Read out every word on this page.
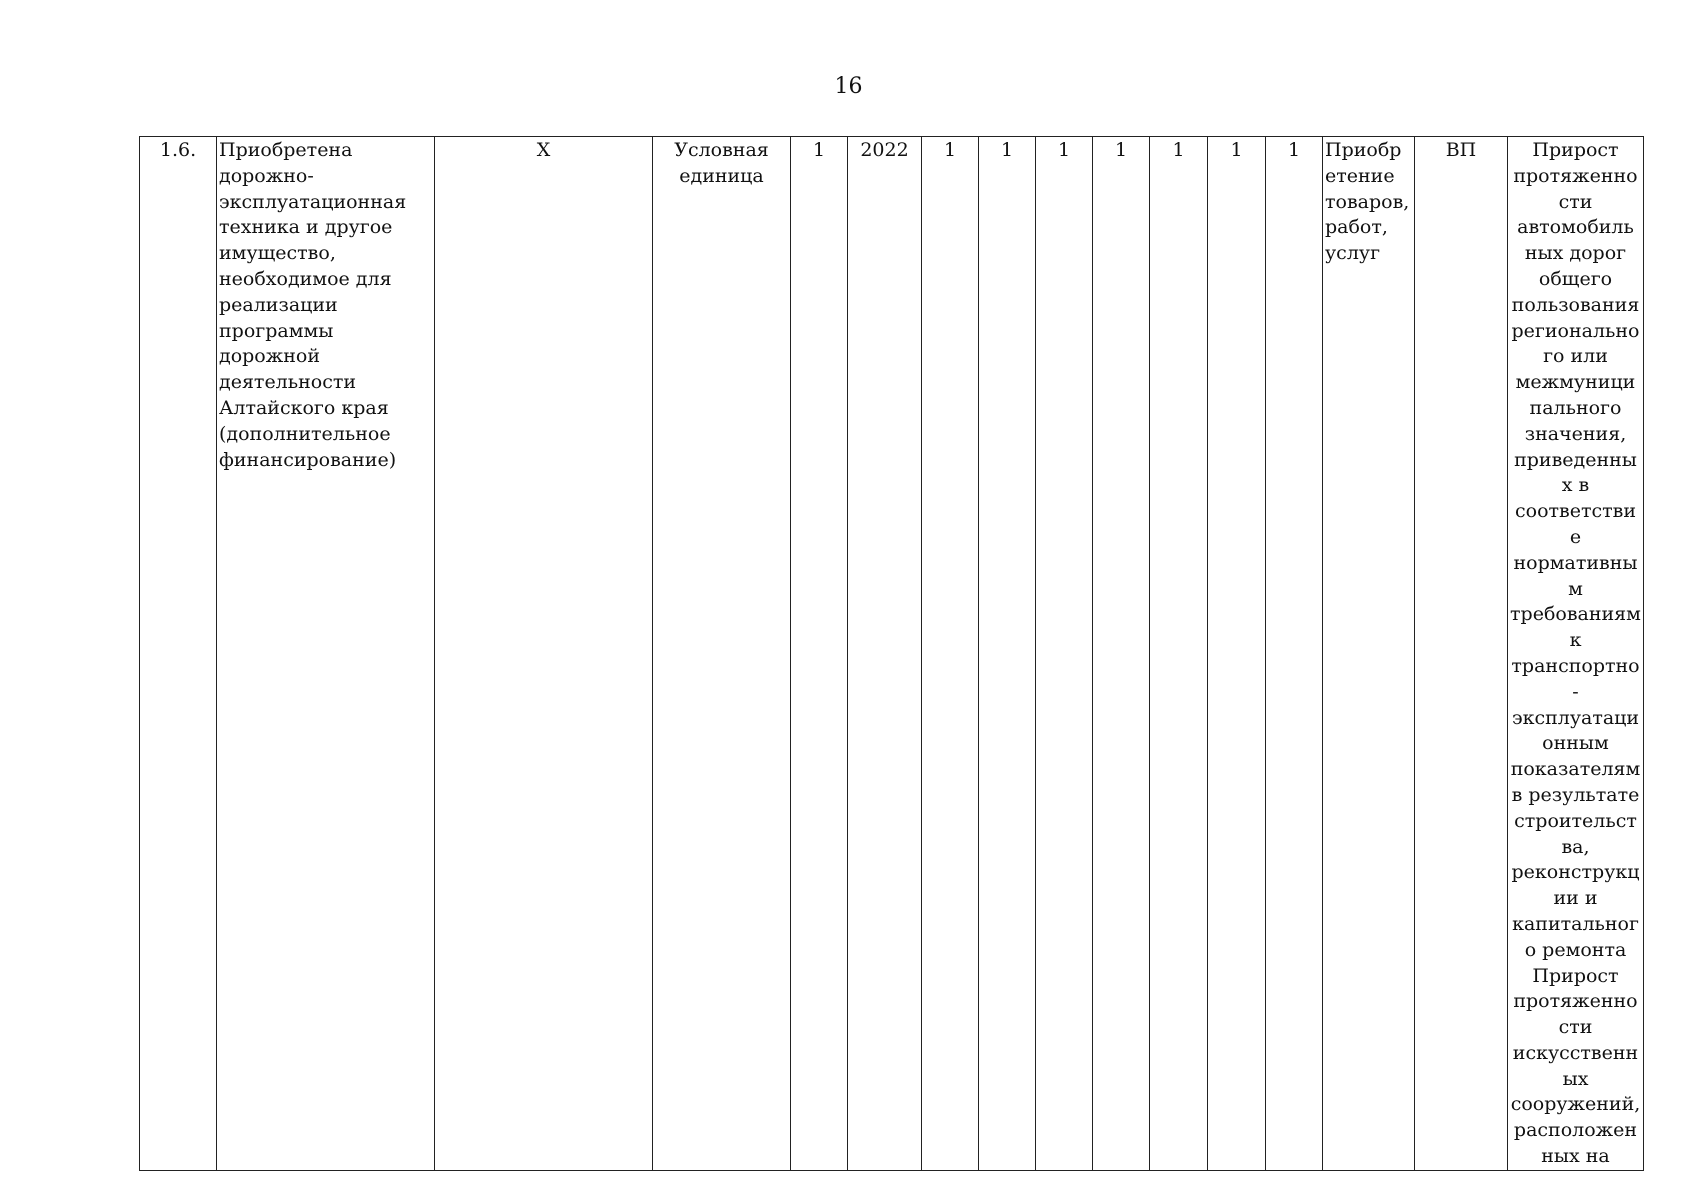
16
1.6.	Приобретена
дорожно-
эксплуатационная
техника и другое
имущество,
необходимое для
реализации
программы
дорожной
деятельности
Алтайского края
(дополнительное
финансирование)	Х	Условная
единица	1	2022	1	1	1	1	1	1	1	Приобр
етение
товаров,
работ,
услуг	ВП	Прирост
протяженно
сти
автомобиль
ных дорог
общего
пользования
регионально
го или
межмуници
пального
значения,
приведенны
х в
соответстви
е
нормативны
м
требованиям
к
транспортно
-
эксплуатаци
онным
показателям
в результате
строительст
ва,
реконструкц
ии и
капитальног
о ремонта
Прирост
протяженно
сти
искусственн
ых
сооружений,
расположен
ных на
